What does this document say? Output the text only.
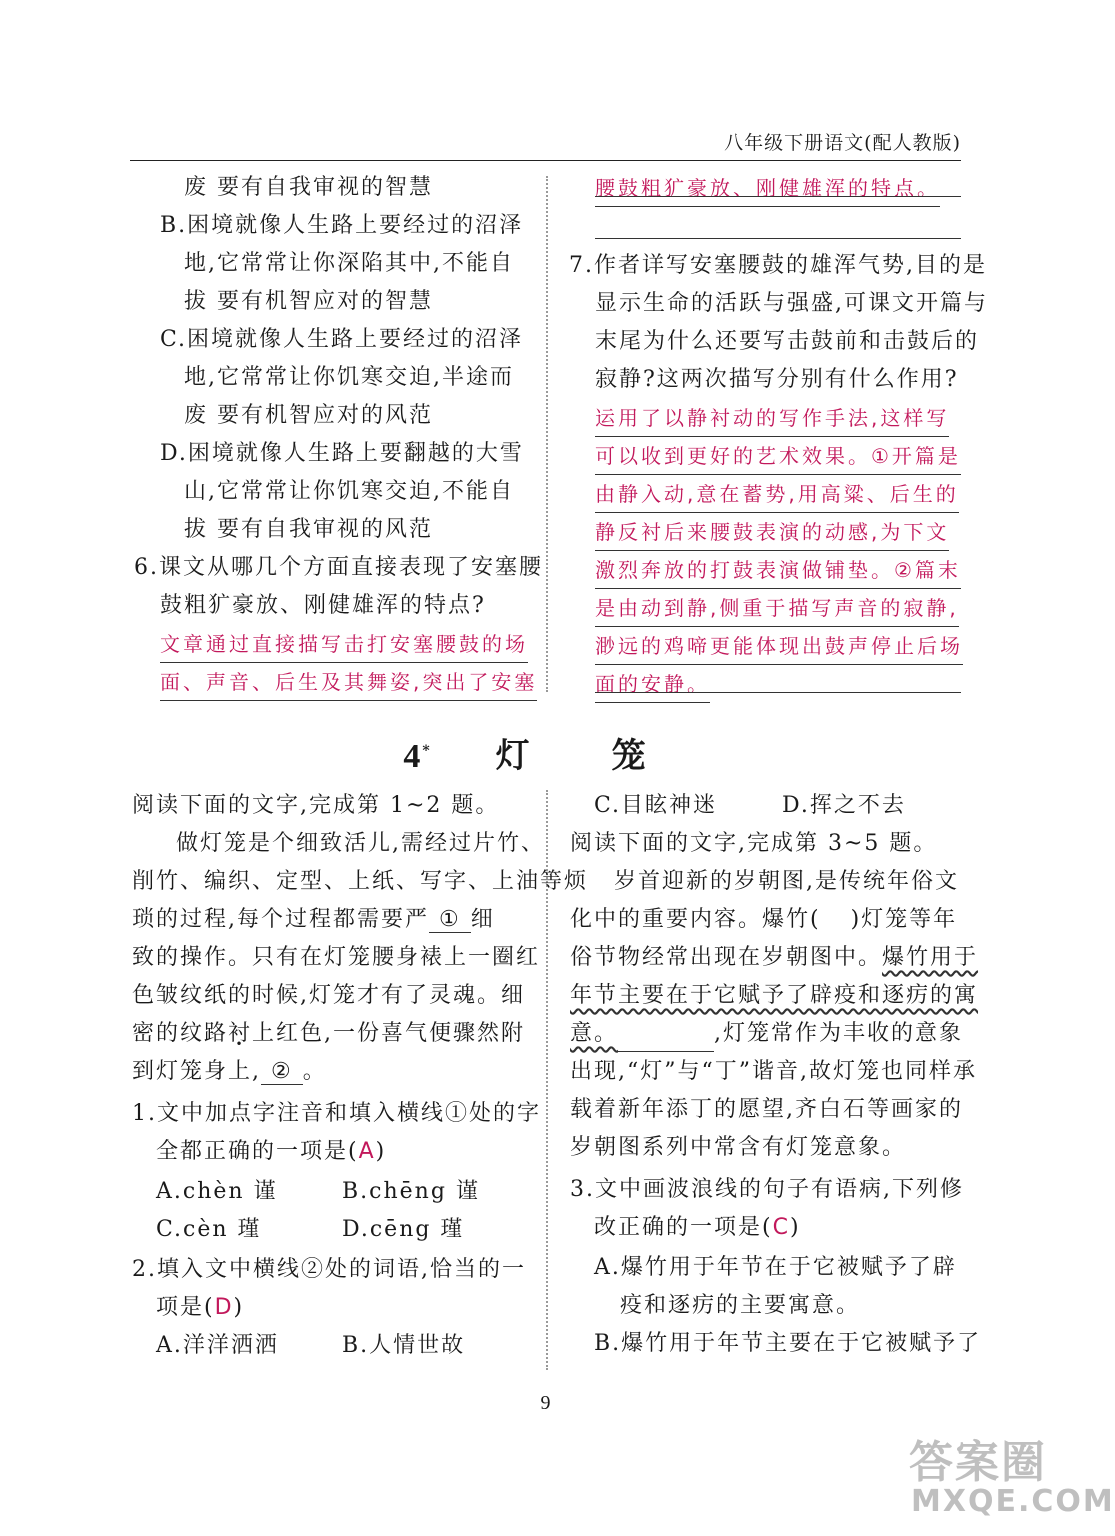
八年级下册语文(配人教版)
废 要有自我审视的智慧
B.困境就像人生路上要经过的沼泽
地,它常常让你深陷其中,不能自
拔 要有机智应对的智慧
C.困境就像人生路上要经过的沼泽
地,它常常让你饥寒交迫,半途而
废 要有机智应对的风范
D.困境就像人生路上要翻越的大雪
山,它常常让你饥寒交迫,不能自
拔 要有自我审视的风范
6.课文从哪几个方面直接表现了安塞腰
鼓粗犷豪放、刚健雄浑的特点?
文章通过直接描写击打安塞腰鼓的场
面、声音、后生及其舞姿,突出了安塞
腰鼓粗犷豪放、刚健雄浑的特点。
7.作者详写安塞腰鼓的雄浑气势,目的是
显示生命的活跃与强盛,可课文开篇与
末尾为什么还要写击鼓前和击鼓后的
寂静?这两次描写分别有什么作用?
运用了以静衬动的写作手法,这样写
可以收到更好的艺术效果。①开篇是
由静入动,意在蓄势,用高粱、后生的
静反衬后来腰鼓表演的动感,为下文
激烈奔放的打鼓表演做铺垫。②篇末
是由动到静,侧重于描写声音的寂静,
渺远的鸡啼更能体现出鼓声停止后场
面的安静。
4* 灯 笼
阅读下面的文字,完成第 1~2 题。
做灯笼是个细致活儿,需经过片竹、
削竹、编织、定型、上纸、写字、上油等烦
琐的过程,每个过程都需要严 ① 细
致的操作。只有在灯笼腰身裱上一圈红
色皱纹纸的时候,灯笼才有了灵魂。细
密的纹路衬上红色,一份喜气便骤然附
到灯笼身上, ② 。
1.文中加点字注音和填入横线①处的字
全都正确的一项是(A)
A.chèn 谨	B.chēng 谨
C.cèn 瑾	D.cēng 瑾
2.填入文中横线②处的词语,恰当的一
项是(D)
A.洋洋洒洒	B.人情世故
C.目眩神迷	D.挥之不去
阅读下面的文字,完成第 3~5 题。
岁首迎新的岁朝图,是传统年俗文
化中的重要内容。爆竹( )灯笼等年
俗节物经常出现在岁朝图中。爆竹用于
年节主要在于它赋予了辟疫和逐疠的寓
意。	,灯笼常作为丰收的意象
出现,“灯”与“丁”谐音,故灯笼也同样承
载着新年添丁的愿望,齐白石等画家的
岁朝图系列中常含有灯笼意象。
3.文中画波浪线的句子有语病,下列修
改正确的一项是(C)
A.爆竹用于年节在于它被赋予了辟
疫和逐疠的主要寓意。
B.爆竹用于年节主要在于它被赋予了
9
答案圈
MXQE.COM
